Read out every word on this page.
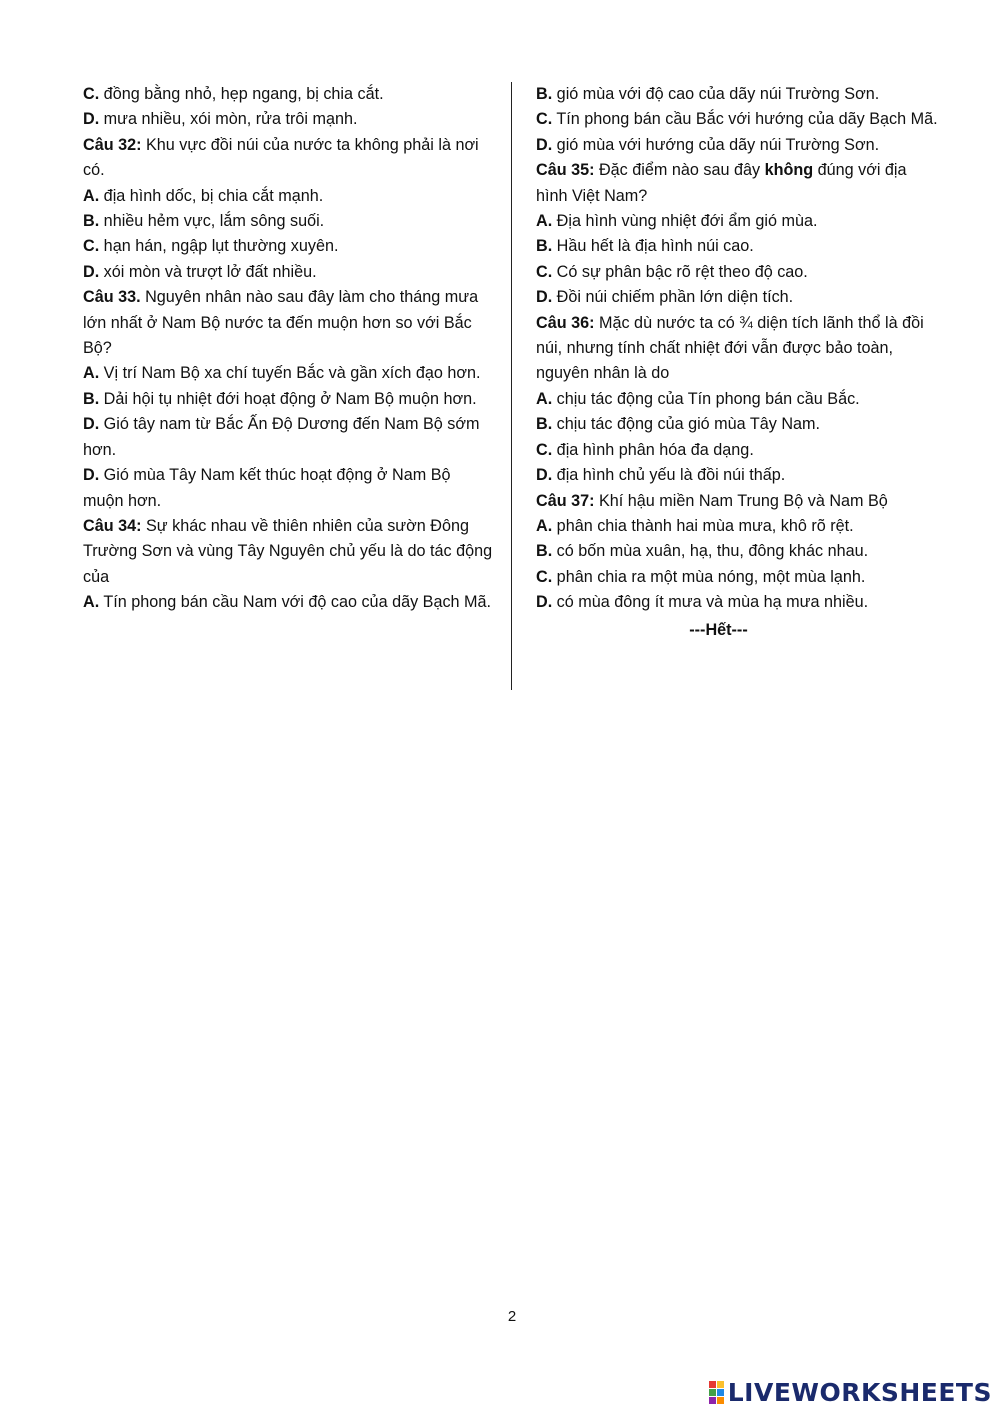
C. đồng bằng nhỏ, hẹp ngang, bị chia cắt.

D. mưa nhiều, xói mòn, rửa trôi mạnh.

Câu 32: Khu vực đồi núi của nước ta không phải là nơi có.

A. địa hình dốc, bị chia cắt mạnh.

B. nhiều hẻm vực, lắm sông suối.

C. hạn hán, ngập lụt thường xuyên.

D. xói mòn và trượt lở đất nhiều.

Câu 33. Nguyên nhân nào sau đây làm cho tháng mưa lớn nhất ở Nam Bộ nước ta đến muộn hơn so với Bắc Bộ?

A. Vị trí Nam Bộ xa chí tuyến Bắc và gần xích đạo hơn.

B. Dải hội tụ nhiệt đới hoạt động ở Nam Bộ muộn hơn.

D. Gió tây nam từ Bắc Ấn Độ Dương đến Nam Bộ sớm hơn.

D. Gió mùa Tây Nam kết thúc hoạt động ở Nam Bộ muộn hơn.

Câu 34: Sự khác nhau về thiên nhiên của sườn Đông Trường Sơn và vùng Tây Nguyên chủ yếu là do tác động của

A. Tín phong bán cầu Nam với độ cao của dãy Bạch Mã.

B. gió mùa với độ cao của dãy núi Trường Sơn.

C. Tín phong bán cầu Bắc với hướng của dãy Bạch Mã.

D. gió mùa với hướng của dãy núi Trường Sơn.

Câu 35: Đặc điểm nào sau đây không đúng với địa hình Việt Nam?

A. Địa hình vùng nhiệt đới ẩm gió mùa.

B. Hầu hết là địa hình núi cao.

C. Có sự phân bậc rõ rệt theo độ cao.

D. Đồi núi chiếm phần lớn diện tích.

Câu 36: Mặc dù nước ta có ¾ diện tích lãnh thổ là đồi núi, nhưng tính chất nhiệt đới vẫn được bảo toàn, nguyên nhân là do

A. chịu tác động của Tín phong bán cầu Bắc.

B. chịu tác động của gió mùa Tây Nam.

C. địa hình phân hóa đa dạng.

D. địa hình chủ yếu là đồi núi thấp.

Câu 37: Khí hậu miền Nam Trung Bộ và Nam Bộ

A. phân chia thành hai mùa mưa, khô rõ rệt.

B. có bốn mùa xuân, hạ, thu, đông khác nhau.

C. phân chia ra một mùa nóng, một mùa lạnh.

D. có mùa đông ít mưa và mùa hạ mưa nhiều.

---Hết---

2
LIVEWORKSHEETS
